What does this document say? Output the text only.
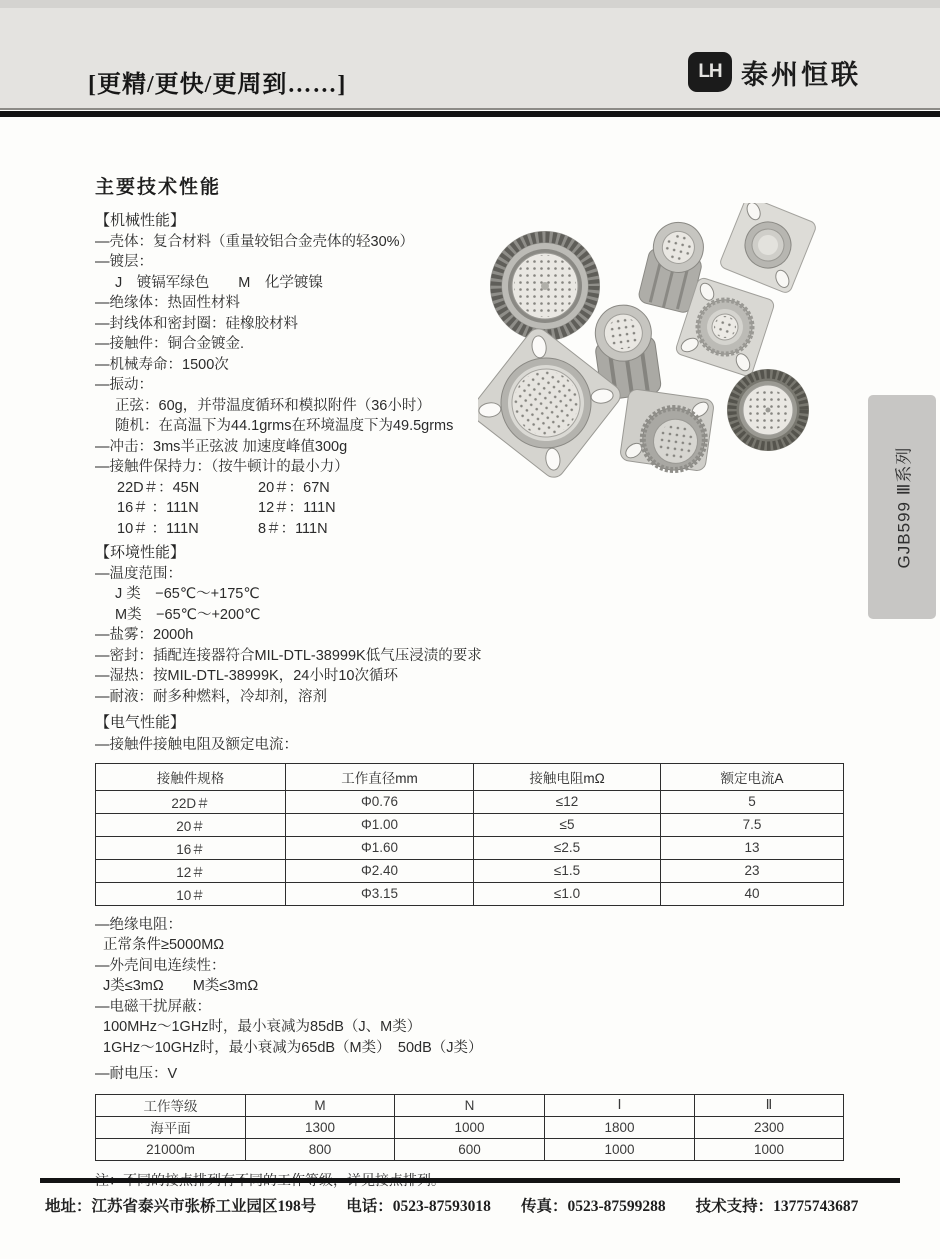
[更精/更快/更周到……]
LH 泰州恒联
GJB599 Ⅲ系列
主要技术性能
【机械性能】
—壳体：复合材料（重量较铝合金壳体的轻30%）
—镀层：
J　镀镉军绿色　　M　化学镀镍
—绝缘体：热固性材料
—封线体和密封圈：硅橡胶材料
—接触件：铜合金镀金.
—机械寿命：1500次
—振动：
正弦：60g，并带温度循环和模拟附件（36小时）
随机：在高温下为44.1grms在环境温度下为49.5grms
—冲击：3ms半正弦波 加速度峰值300g
—接触件保持力：（按牛顿计的最小力）
22D＃：45N	20＃：67N
16＃ ：111N	12＃：111N
10＃ ：111N	8＃：111N
【环境性能】
—温度范围：
J 类　−65℃～+175℃
M类　−65℃～+200℃
—盐雾：2000h
—密封：插配连接器符合MIL-DTL-38999K低气压浸渍的要求
—湿热：按MIL-DTL-38999K，24小时10次循环
—耐液：耐多种燃料，冷却剂，溶剂
【电气性能】
—接触件接触电阻及额定电流：
接触件规格	工作直径mm	接触电阻mΩ	额定电流A
22D＃	Φ0.76	≤12	5
20＃	Φ1.00	≤5	7.5
16＃	Φ1.60	≤2.5	13
12＃	Φ2.40	≤1.5	23
10＃	Φ3.15	≤1.0	40
—绝缘电阻：
正常条件≥5000MΩ
—外壳间电连续性：
J类≤3mΩ　　M类≤3mΩ
—电磁干扰屏蔽：
100MHz～1GHz时，最小衰减为85dB（J、M类）
1GHz～10GHz时，最小衰减为65dB（M类）　50dB（J类）
—耐电压：V
工作等级	M	N	Ⅰ	Ⅱ
海平面	1300	1000	1800	2300
21000m	800	600	1000	1000
地址：江苏省泰兴市张桥工业园区198号 电话：0523-87593018 传真：0523-87599288 技术支持：13775743687
